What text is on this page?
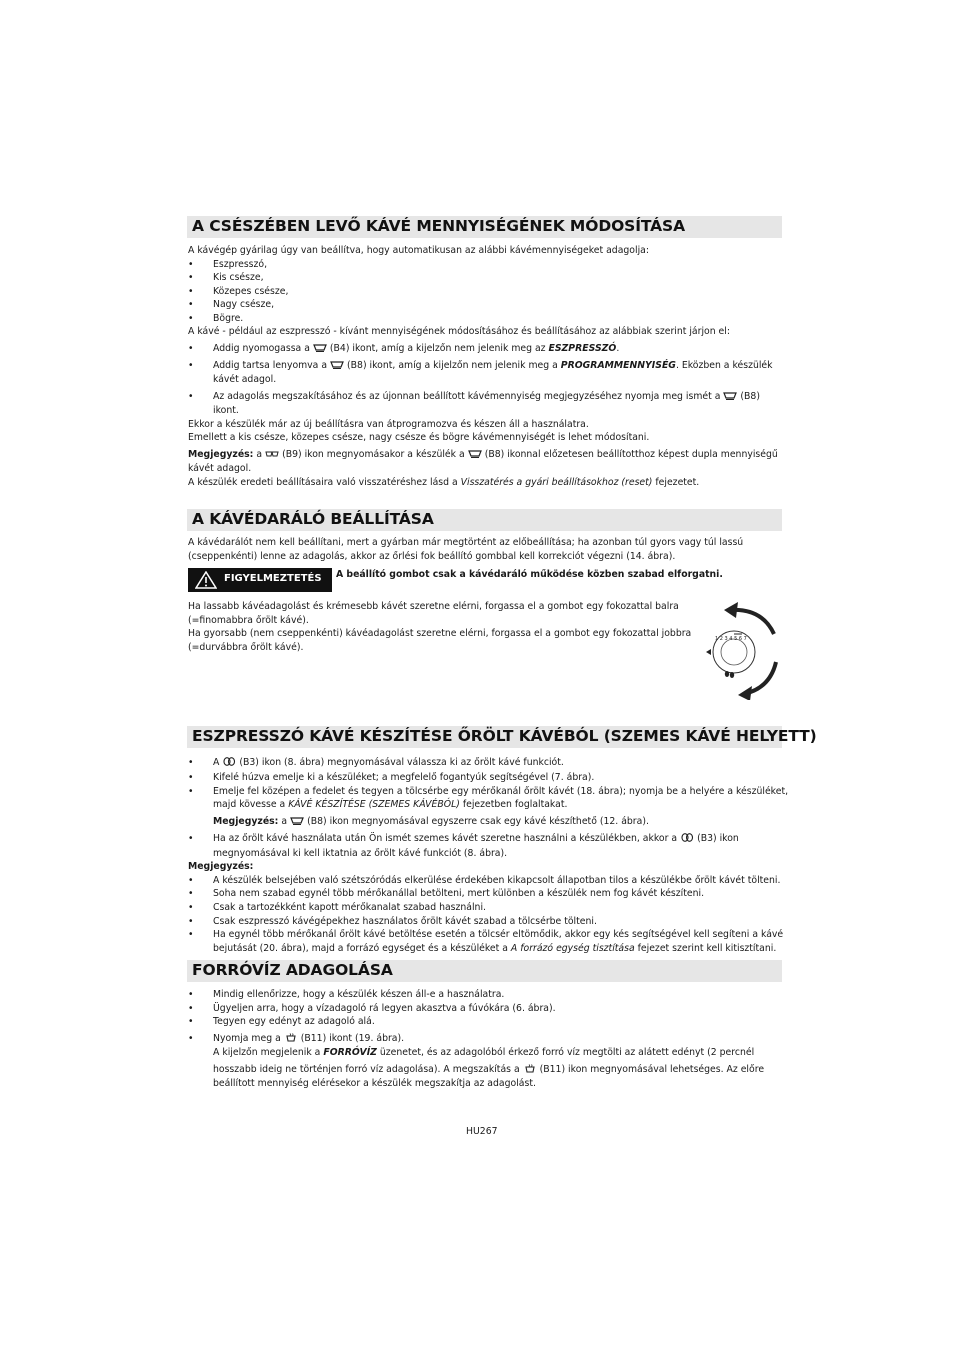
A CSÉSZÉBEN LEVŐ KÁVÉ MENNYISÉGÉNEK MÓDOSÍTÁSA
A kávégép gyárilag úgy van beállítva, hogy automatikusan az alábbi kávémennyiségeket adagolja:
• Eszpresszó,
• Kis csésze,
• Közepes csésze,
• Nagy csésze,
• Bögre.
A kávé - például az eszpresszó - kívánt mennyiségének módosításához és beállításához az alábbiak szerint járjon el:
• Addig nyomogassa a (B4) ikont, amíg a kijelzőn nem jelenik meg az ESZPRESSZÓ.
• Addig tartsa lenyomva a (B8) ikont, amíg a kijelzőn nem jelenik meg a PROGRAMMENNYISÉG. Eközben a készülék
kávét adagol.
• Az adagolás megszakításához és az újonnan beállított kávémennyiség megjegyzéséhez nyomja meg ismét a (B8)
ikont.
Ekkor a készülék már az új beállításra van átprogramozva és készen áll a használatra.
Emellett a kis csésze, közepes csésze, nagy csésze és bögre kávémennyiségét is lehet módosítani.
Megjegyzés: a (B9) ikon megnyomásakor a készülék a (B8) ikonnal előzetesen beállítotthoz képest dupla mennyiségű
kávét adagol.
A készülék eredeti beállításaira való visszatéréshez lásd a Visszatérés a gyári beállításokhoz (reset) fejezetet.
A KÁVÉDARÁLÓ BEÁLLÍTÁSA
A kávédarálót nem kell beállítani, mert a gyárban már megtörtént az előbeállítása; ha azonban túl gyors vagy túl lassú
(cseppenkénti) lenne az adagolás, akkor az őrlési fok beállító gombbal kell korrekciót végezni (14. ábra).
FIGYELMEZTETÉS A beállító gombot csak a kávédaráló működése közben szabad elforgatni.
Ha lassabb kávéadagolást és krémesebb kávét szeretne elérni, forgassa el a gombot egy fokozattal balra
(=finomabbra őrölt kávé).
Ha gyorsabb (nem cseppenkénti) kávéadagolást szeretne elérni, forgassa el a gombot egy fokozattal jobbra
(=durvábbra őrölt kávé).
1 2 3 4 5 6 7
ESZPRESSZÓ KÁVÉ KÉSZÍTÉSE ŐRÖLT KÁVÉBÓL (SZEMES KÁVÉ HELYETT)
• A (B3) ikon (8. ábra) megnyomásával válassza ki az őrölt kávé funkciót.
• Kifelé húzva emelje ki a készüléket; a megfelelő fogantyúk segítségével (7. ábra).
• Emelje fel középen a fedelet és tegyen a tölcsérbe egy mérőkanál őrölt kávét (18. ábra); nyomja be a helyére a készüléket,
majd kövesse a KÁVÉ KÉSZÍTÉSE (SZEMES KÁVÉBÓL) fejezetben foglaltakat.
Megjegyzés: a (B8) ikon megnyomásával egyszerre csak egy kávé készíthető (12. ábra).
• Ha az őrölt kávé használata után Ön ismét szemes kávét szeretne használni a készülékben, akkor a (B3) ikon
megnyomásával ki kell iktatnia az őrölt kávé funkciót (8. ábra).
Megjegyzés:
• A készülék belsejében való szétszóródás elkerülése érdekében kikapcsolt állapotban tilos a készülékbe őrölt kávét tölteni.
• Soha nem szabad egynél több mérőkanállal betölteni, mert különben a készülék nem fog kávét készíteni.
• Csak a tartozékként kapott mérőkanalat szabad használni.
• Csak eszpresszó kávégépekhez használatos őrölt kávét szabad a tölcsérbe tölteni.
• Ha egynél több mérőkanál őrölt kávé betöltése esetén a tölcsér eltömődik, akkor egy kés segítségével kell segíteni a kávé
bejutását (20. ábra), majd a forrázó egységet és a készüléket a A forrázó egység tisztítása fejezet szerint kell kitisztítani.
FORRÓVÍZ ADAGOLÁSA
• Mindig ellenőrizze, hogy a készülék készen áll-e a használatra.
• Ügyeljen arra, hogy a vízadagoló rá legyen akasztva a fúvókára (6. ábra).
• Tegyen egy edényt az adagoló alá.
• Nyomja meg a (B11) ikont (19. ábra).
A kijelzőn megjelenik a FORRÓVÍZ üzenetet, és az adagolóból érkező forró víz megtölti az alátett edényt (2 percnél
hosszabb ideig ne történjen forró víz adagolása). A megszakítás a (B11) ikon megnyomásával lehetséges. Az előre
beállított mennyiség elérésekor a készülék megszakítja az adagolást.
HU267
